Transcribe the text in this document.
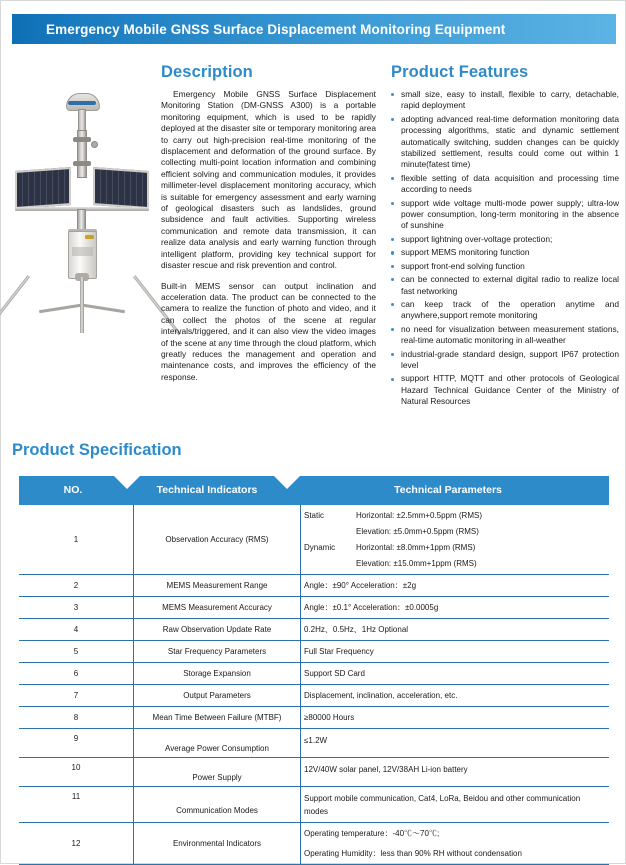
Emergency Mobile GNSS Surface Displacement Monitoring Equipment
Description

Emergency Mobile GNSS Surface Displacement Monitoring Station (DM-GNSS A300) is a portable monitoring equipment, which is used to be rapidly deployed at the disaster site or temporary monitoring area to carry out high-precision real-time monitoring of the displacement and deformation of the ground surface. By collecting multi-point location information and combining efficient solving and communication modules, it provides millimeter-level displacement monitoring accuracy, which is suitable for emergency assessment and early warning of geological disasters such as landslides, ground subsidence and fault activities. Supporting wireless communication and remote data transmission, it can realize data analysis and early warning function through intelligent platform, providing key technical support for disaster rescue and risk prevention and control.

Built-in MEMS sensor can output inclination and acceleration data. The product can be connected to the camera to realize the function of photo and video, and it can collect the photos of the scene at regular intervals/triggered, and it can also view the video images of the scene at any time through the cloud platform, which greatly reduces the management and operation and maintenance costs, and improves the efficiency of the response.

Product Features
small size, easy to install, flexible to carry, detachable, rapid deployment
adopting advanced real-time deformation monitoring data processing algorithms, static and dynamic settlement automatically switching, sudden changes can be quickly stabilized settlement, results could come out within 1 minute(fatest time)
flexible setting of data acquisition and processing time according to needs
support wide voltage multi-mode power supply; ultra-low power consumption, long-term monitoring in the absence of sunshine
support lightning over-voltage protection;
support MEMS monitoring function
support front-end solving function
can be connected to external digital radio to realize local fast networking
can keep track of the operation anytime and anywhere,support remote monitoring
no need for visualization between measurement stations, real-time automatic monitoring in all-weather
industrial-grade standard design, support IP67 protection level
support HTTP, MQTT and other protocols of Geological Hazard Technical Guidance Center of the Ministry of Natural Resources
Product Specification
NO.	Technical Indicators	Technical Parameters
1	Observation Accuracy (RMS)	
Static	Horizontal: ±2.5mm+0.5ppm (RMS)
Elevation: ±5.0mm+0.5ppm (RMS)
Dynamic	Horizontal: ±8.0mm+1ppm (RMS)
Elevation: ±15.0mm+1ppm (RMS)

2	MEMS Measurement Range	Angle：±90° Acceleration：±2g
3	MEMS Measurement Accuracy	Angle：±0.1° Acceleration：±0.0005g
4	Raw Observation Update Rate	0.2Hz、0.5Hz、1Hz Optional
5	Star Frequency Parameters	Full Star Frequency
6	Storage Expansion	Support SD Card
7	Output Parameters	Displacement, inclination, acceleration, etc.
8	Mean Time Between Failure (MTBF)	≥80000 Hours
9	Average Power Consumption	≤1.2W
10	Power Supply	12V/40W solar panel, 12V/38AH Li-ion battery
11	Communication Modes	Support mobile communication, Cat4, LoRa, Beidou and other communication modes
12	Environmental Indicators	Operating temperature：-40℃～70℃;
Operating Humidity：less than 90% RH without condensation
